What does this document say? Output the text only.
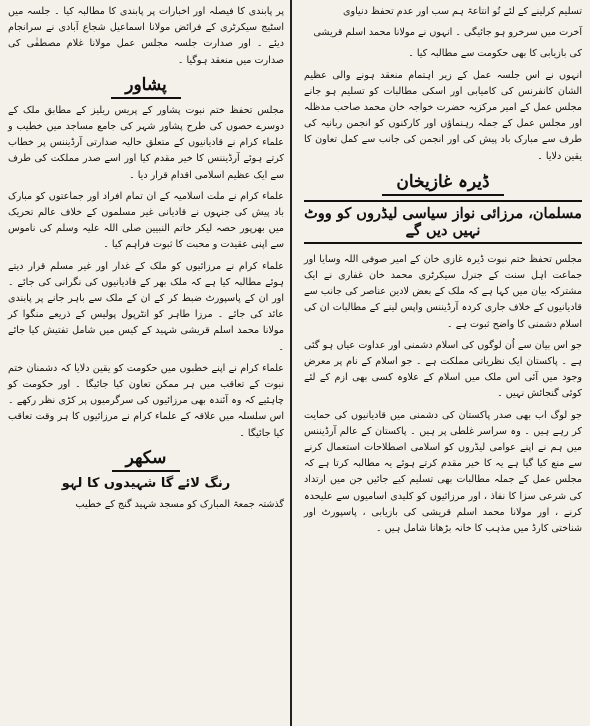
تسلیم کرلینے کے لئے تُو انتاعۃ ہم سب اور عدم تحفظ دنیاوی

آخرت میں سرخرو ہو جائیگی ۔ انہوں نے مولانا محمد اسلم قریشی

کی بازیابی کا بھی حکومت سے مطالبہ کیا ۔

انہوں نے اس جلسہ عمل کے زیر اہتمام منعقد ہونے والی عظیم الشان کانفرنس کی کامیابی اور اسکی مطالبات کو تسلیم ہو جانے مجلس عمل کے امیر مرکزیہ حضرت خواجہ خان محمد صاحب مدظلہ اور مجلس عمل کے جملہ رہنماؤں اور کارکنوں کو انجمن ربانیہ کی طرف سے مبارک باد پیش کی اور انجمن کی جانب سے کمل تعاون کا یقین دلایا ۔

ڈیرہ غازیخان
مسلمان، مرزائی نواز سیاسی لیڈروں کو ووٹ نہیں دیں گے

مجلس تحفظ ختم نبوت ڈیرہ غازی خان کے امیر صوفی اللہ وسایا اور جماعت اہل سنت کے جنرل سیکرٹری محمد خان غفاری نے ایک مشترکہ بیان میں کہا ہے کہ ملک کے بعض لادین عناصر کی جانب سے قادیانیوں کے خلاف جاری کردہ آرڈیننس واپس لینے کے مطالبات ان کی اسلام دشمنی کا واضح ثبوت ہے ۔

جو اس بیان سے اُن لوگوں کی اسلام دشمنی اور عداوت عیاں ہو گئی ہے ۔ پاکستان ایک نظریاتی مملکت ہے ۔ جو اسلام کے نام پر معرض وجود میں آئی اس ملک میں اسلام کے علاوہ کسی بھی ازم کے لئے کوئی گنجائش نہیں ۔

جو لوگ اب بھی صدر پاکستان کی دشمنی میں قادیانیوں کی حمایت کر رہے ہیں ۔ وہ سراسر غلطی پر ہیں ۔ پاکستان کے عالم آرڈیننس میں ہم نے اپنے عوامی لیڈروں کو اسلامی اصطلاحات استعمال کرنے سے منع کیا گیا ہے یہ کا خیر مقدم کرتے ہوئے یہ مطالبہ کرتا ہے کہ مجلس عمل کے جملہ مطالبات بھی تسلیم کیے جائیں جن میں ارتداد کی شرعی سزا کا نفاذ ، اور مرزائیوں کو کلیدی اسامیوں سے علیحدہ کرنے ، اور مولانا محمد اسلم قریشی کی بازیابی ، پاسپورٹ اور شناختی کارڈ میں مذہب کا خانہ بڑھانا شامل ہیں ۔

پر پابندی کا فیصلہ اور اخبارات پر پابندی کا مطالبہ کیا ۔ جلسہ میں اسٹیج سیکرٹری کے فرائض مولانا اسماعیل شجاع آبادی نے سرانجام دیئے ۔ اور صدارت جلسہ مجلس عمل مولانا غلام مصطفٰی کی صدارت میں منعقد ہوگیا ۔

پشاور

مجلس تحفظ ختم نبوت پشاور کے پریس ریلیز کے مطابق ملک کے دوسرے حصوں کی طرح پشاور شہر کی جامع مساجد میں خطیب و علماء کرام نے قادیانیوں کے متعلق حالیہ صدارتی آرڈیننس پر خطاب کرتے ہوئے آرڈیننس کا خیر مقدم کیا اور اسے صدر مملکت کی طرف سے ایک عظیم اسلامی اقدام قرار دیا ۔

علماء کرام نے ملت اسلامیہ کے ان تمام افراد اور جماعتوں کو مبارک باد پیش کی جنہوں نے قادیانی غیر مسلموں کے خلاف عالم تحریک میں بھرپور حصہ لیکر خاتم النبیین صلی اللہ علیہ وسلم کی ناموس سے اپنی عقیدت و محبت کا ثبوت فراہم کیا ۔

علماء کرام نے مرزائیوں کو ملک کے غدار اور غیر مسلم قرار دیتے ہوئے مطالبہ کیا ہے کہ ملک بھر کے قادیانیوں کی نگرانی کی جائے ۔ اور ان کے پاسپورٹ ضبط کر کے ان کے ملک سے باہر جانے پر پابندی عائد کی جائے ۔ مرزا طاہر کو انٹرپول پولیس کے ذریعے منگوا کر مولانا محمد اسلم قریشی شہید کے کیس میں شامل تفتیش کیا جائے ۔

علماء کرام نے اپنے خطبوں میں حکومت کو یقین دلایا کہ دشمنان ختم نبوت کے تعاقب میں ہر ممکن تعاون کیا جائیگا ۔ اور حکومت کو چاہئیے کہ وہ آئندہ بھی مرزائیوں کی سرگرمیوں پر کڑی نظر رکھے ۔ اس سلسلہ میں علاقہ کے علماء کرام نے مرزائیوں کا ہر وقت تعاقب کیا جائیگا ۔

سکھر
رنگ لائے گا شہیدوں کا لہو

گذشتہ جمعۃ المبارک کو مسجد شہید گنج کے خطیب
